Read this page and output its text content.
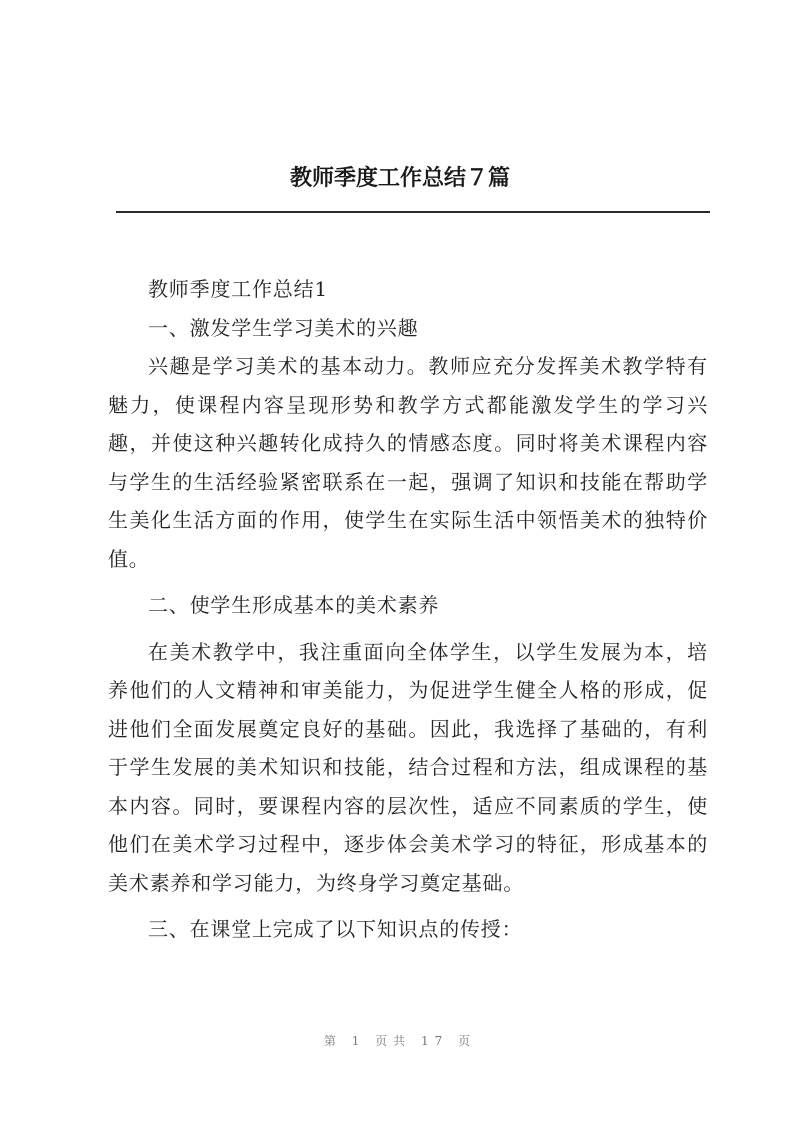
教师季度工作总结７篇

教师季度工作总结1

一、激发学生学习美术的兴趣

兴趣是学习美术的基本动力。教师应充分发挥美术教学特有魅力，使课程内容呈现形势和教学方式都能激发学生的学习兴趣，并使这种兴趣转化成持久的情感态度。同时将美术课程内容与学生的生活经验紧密联系在一起，强调了知识和技能在帮助学生美化生活方面的作用，使学生在实际生活中领悟美术的独特价值。

二、使学生形成基本的美术素养

在美术教学中，我注重面向全体学生，以学生发展为本，培养他们的人文精神和审美能力，为促进学生健全人格的形成，促进他们全面发展奠定良好的基础。因此，我选择了基础的，有利于学生发展的美术知识和技能，结合过程和方法，组成课程的基本内容。同时，要课程内容的层次性，适应不同素质的学生，使他们在美术学习过程中，逐步体会美术学习的特征，形成基本的美术素养和学习能力，为终身学习奠定基础。

三、在课堂上完成了以下知识点的传授：

第 1 页共 17 页
